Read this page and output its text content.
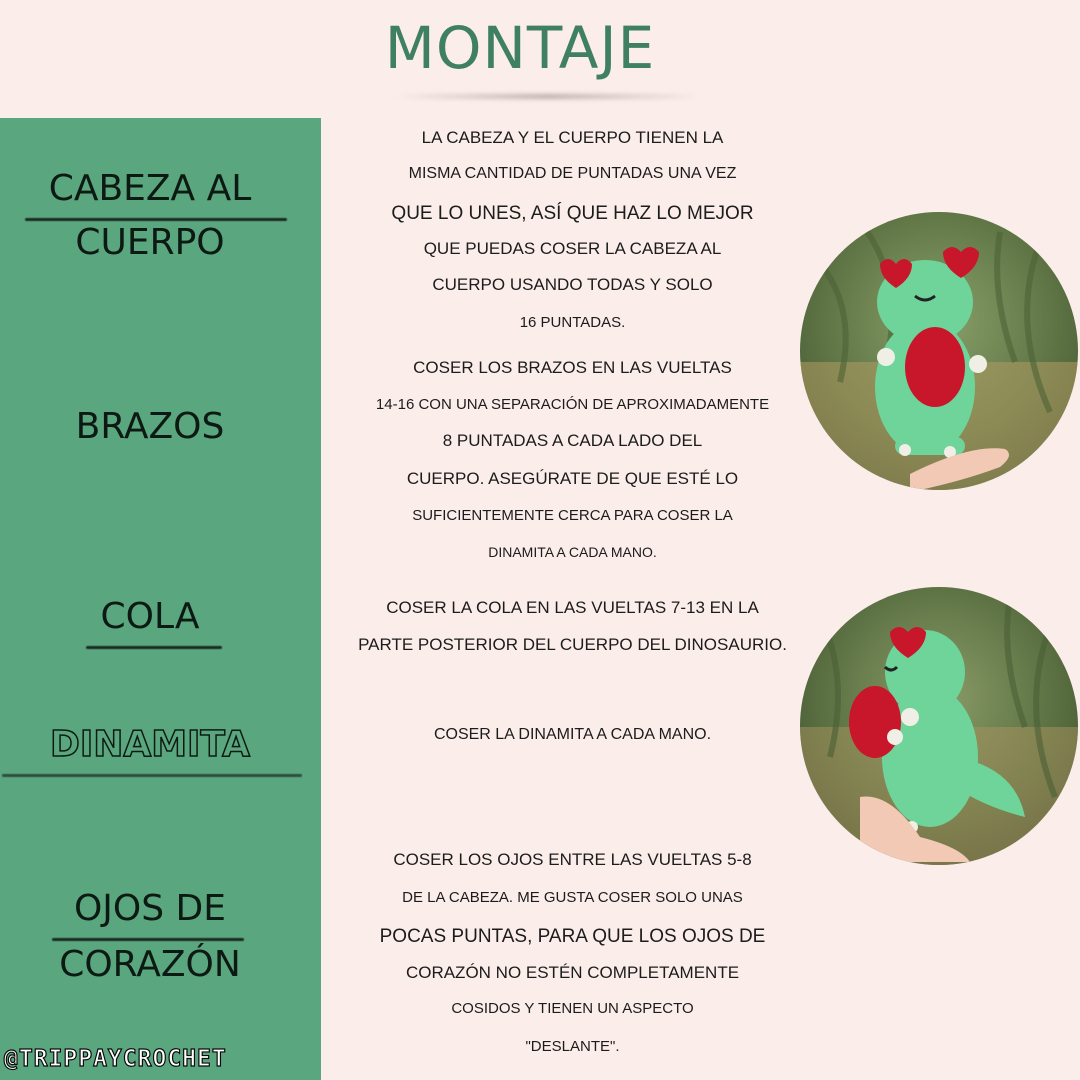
MONTAJE
CABEZA AL
CUERPO
BRAZOS
COLA
DINAMITA
OJOS DE
CORAZÓN
@TRIPPAYCROCHET
LA CABEZA Y EL CUERPO TIENEN LA
MISMA CANTIDAD DE PUNTADAS UNA VEZ
QUE LO UNES, ASÍ QUE HAZ LO MEJOR
QUE PUEDAS COSER LA CABEZA AL
CUERPO USANDO TODAS Y SOLO
16 PUNTADAS.
COSER LOS BRAZOS EN LAS VUELTAS
14-16 CON UNA SEPARACIÓN DE APROXIMADAMENTE
8 PUNTADAS A CADA LADO DEL
CUERPO. ASEGÚRATE DE QUE ESTÉ LO
SUFICIENTEMENTE CERCA PARA COSER LA
DINAMITA A CADA MANO.
COSER LA COLA EN LAS VUELTAS 7-13 EN LA
PARTE POSTERIOR DEL CUERPO DEL DINOSAURIO.
COSER LA DINAMITA A CADA MANO.
COSER LOS OJOS ENTRE LAS VUELTAS 5-8
DE LA CABEZA. ME GUSTA COSER SOLO UNAS
POCAS PUNTAS, PARA QUE LOS OJOS DE
CORAZÓN NO ESTÉN COMPLETAMENTE
COSIDOS Y TIENEN UN ASPECTO
"DESLANTE".
